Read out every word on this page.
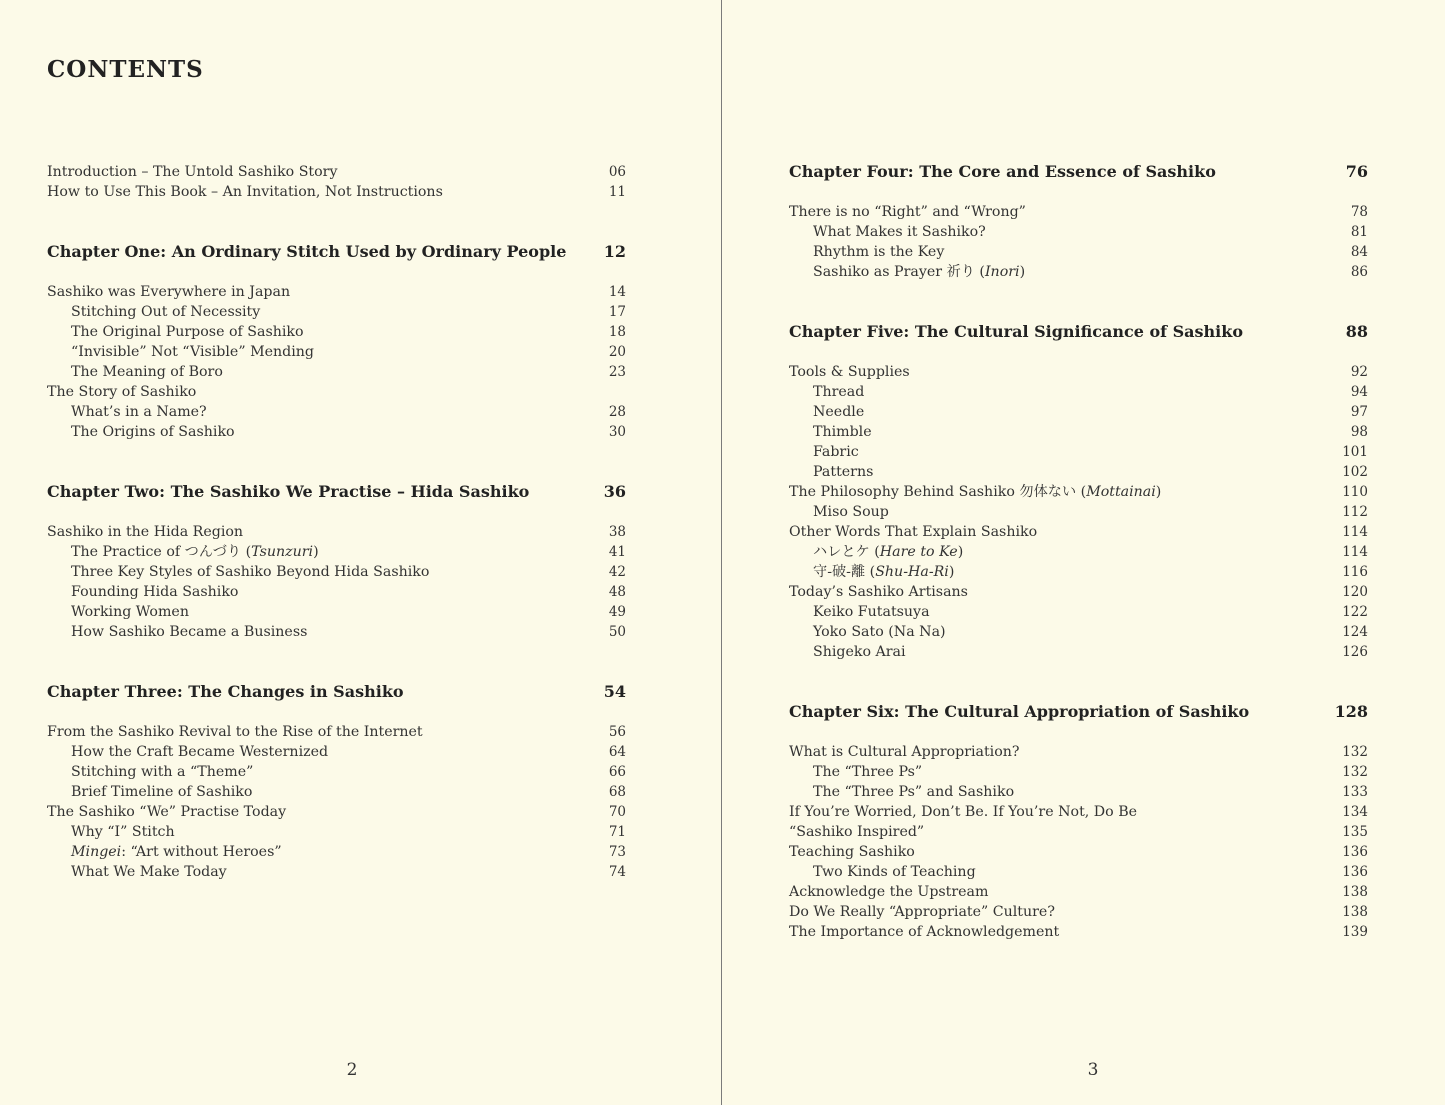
CONTENTS
Introduction – The Untold Sashiko Story	06
How to Use This Book – An Invitation, Not Instructions	11
Chapter One: An Ordinary Stitch Used by Ordinary People 12
Sashiko was Everywhere in Japan	14
Stitching Out of Necessity	17
The Original Purpose of Sashiko	18
“Invisible” Not “Visible” Mending	20
The Meaning of Boro	23
The Story of Sashiko
What’s in a Name?	28
The Origins of Sashiko	30
Chapter Two: The Sashiko We Practise – Hida Sashiko	36
Sashiko in the Hida Region	38
The Practice of つんづり (Tsunzuri)	41
Three Key Styles of Sashiko Beyond Hida Sashiko	42
Founding Hida Sashiko	48
Working Women	49
How Sashiko Became a Business	50
Chapter Three: The Changes in Sashiko	54
From the Sashiko Revival to the Rise of the Internet	56
How the Craft Became Westernized	64
Stitching with a “Theme”	66
Brief Timeline of Sashiko	68
The Sashiko “We” Practise Today	70
Why “I” Stitch	71
Mingei: “Art without Heroes”	73
What We Make Today	74
2
Chapter Four: The Core and Essence of Sashiko	76
There is no “Right” and “Wrong”	78
What Makes it Sashiko?	81
Rhythm is the Key	84
Sashiko as Prayer 祈り (Inori)	86
Chapter Five: The Cultural Significance of Sashiko	88
Tools & Supplies	92
Thread	94
Needle	97
Thimble	98
Fabric	101
Patterns	102
The Philosophy Behind Sashiko 勿体ない (Mottainai)	110
Miso Soup	112
Other Words That Explain Sashiko	114
ハレとケ (Hare to Ke)	114
守-破-離 (Shu-Ha-Ri)	116
Today’s Sashiko Artisans	120
Keiko Futatsuya	122
Yoko Sato (Na Na)	124
Shigeko Arai	126
Chapter Six: The Cultural Appropriation of Sashiko	128
What is Cultural Appropriation?	132
The “Three Ps”	132
The “Three Ps” and Sashiko	133
If You’re Worried, Don’t Be. If You’re Not, Do Be	134
“Sashiko Inspired”	135
Teaching Sashiko	136
Two Kinds of Teaching	136
Acknowledge the Upstream	138
Do We Really “Appropriate” Culture?	138
The Importance of Acknowledgement	139
3
